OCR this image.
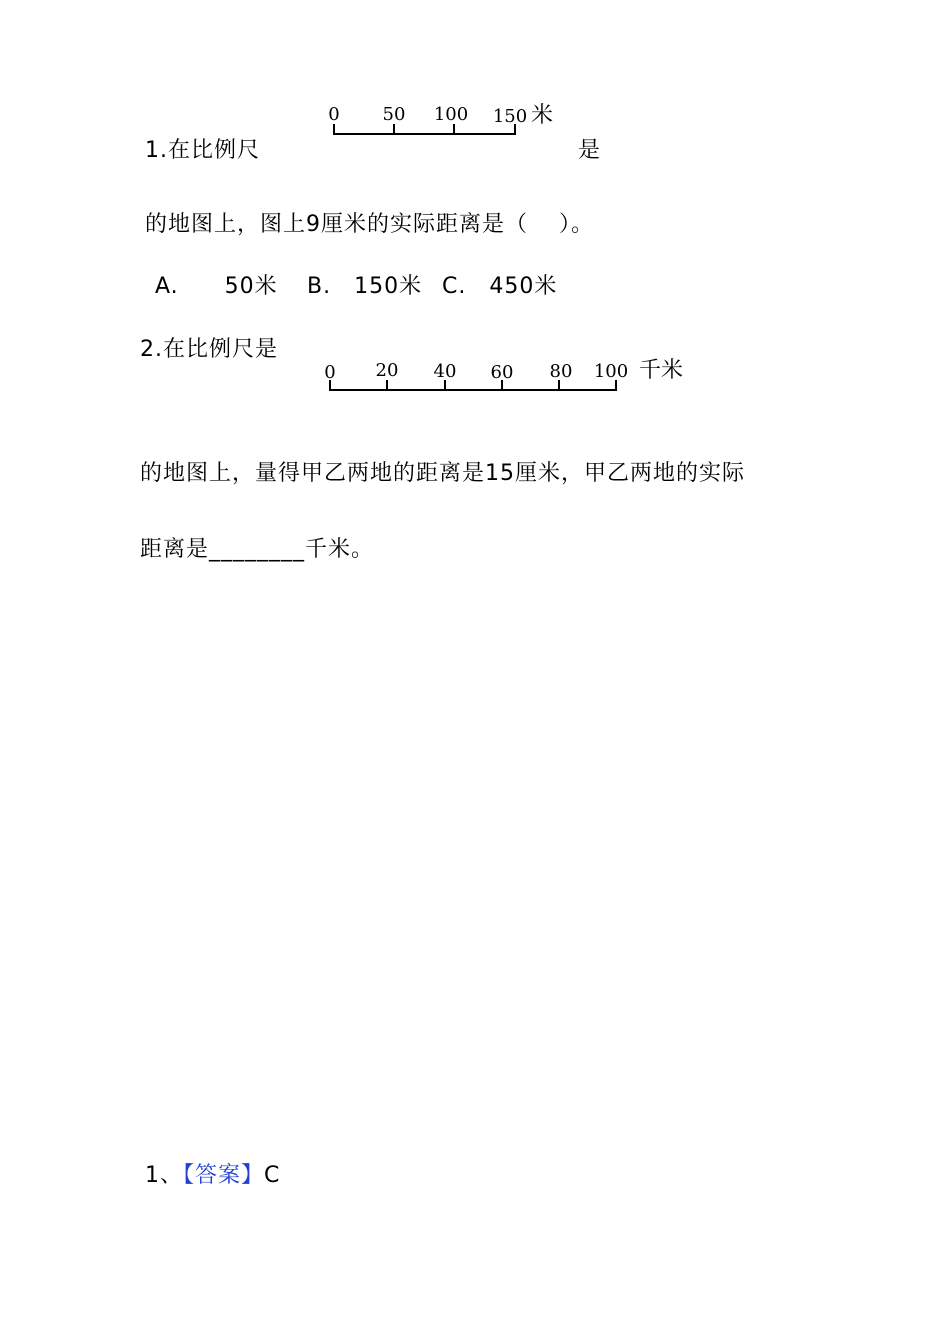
1.在比例尺
0 50 100 150 米
是
的地图上，图上9厘米的实际距离是（　 ）。
A.　　50米 B.　150米 C.　450米
2.在比例尺是
0 20 40 60 80 100 千米
的地图上，量得甲乙两地的距离是15厘米，甲乙两地的实际
距离是________千米。
1、【答案】C
